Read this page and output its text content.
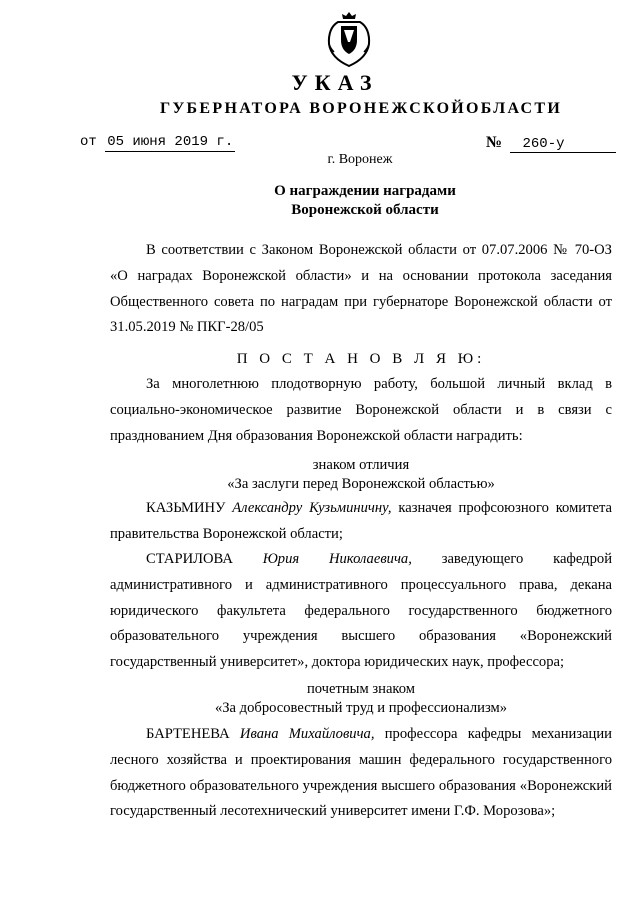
УКАЗ
ГУБЕРНАТОРА ВОРОНЕЖСКОЙОБЛАСТИ
от 05 июня 2019 г.	№ 260-у
г. Воронеж
О награждении наградами
Воронежской области
В соответствии с Законом Воронежской области от 07.07.2006 № 70-ОЗ «О наградах Воронежской области» и на основании протокола заседания Общественного совета по наградам при губернаторе Воронежской области от 31.05.2019 № ПКГ-28/05
П О С Т А Н О В Л Я Ю:
За многолетнюю плодотворную работу, большой личный вклад в социально-экономическое развитие Воронежской области и в связи с празднованием Дня образования Воронежской области наградить:
знаком отличия
«За заслуги перед Воронежской областью»
КАЗЬМИНУ Александру Кузьминичну, казначея профсоюзного комитета правительства Воронежской области;
СТАРИЛОВА Юрия Николаевича, заведующего кафедрой административного и административного процессуального права, декана юридического факультета федерального государственного бюджетного образовательного учреждения высшего образования «Воронежский государственный университет», доктора юридических наук, профессора;
почетным знаком
«За добросовестный труд и профессионализм»
БАРТЕНЕВА Ивана Михайловича, профессора кафедры механизации лесного хозяйства и проектирования машин федерального государственного бюджетного образовательного учреждения высшего образования «Воронежский государственный лесотехнический университет имени Г.Ф. Морозова»;
